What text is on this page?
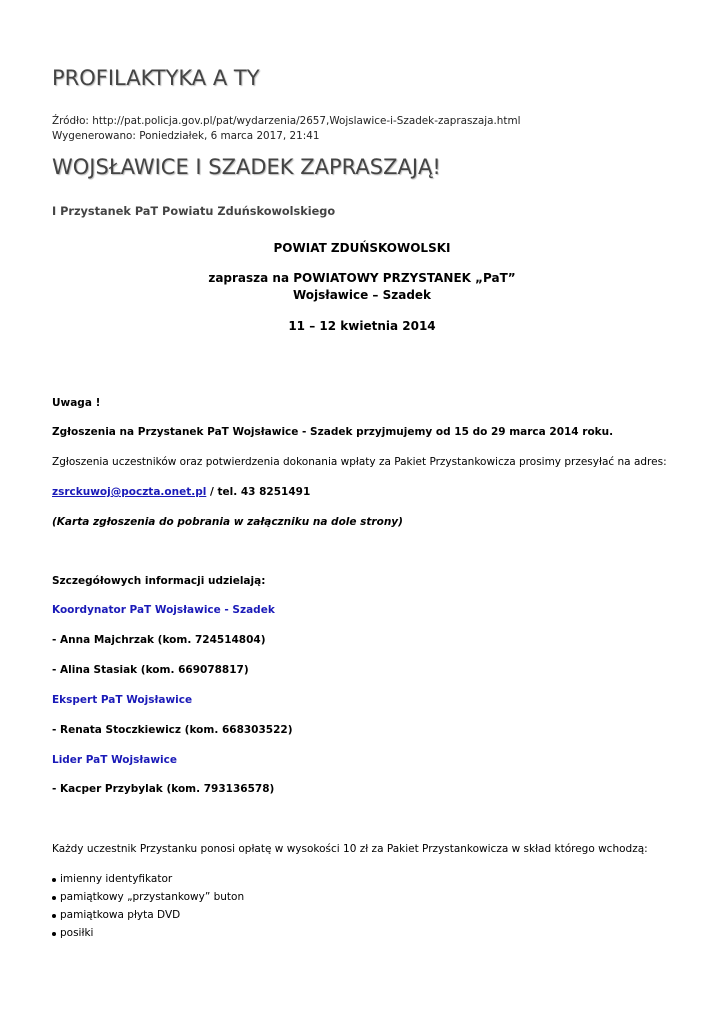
PROFILAKTYKA A TY
Źródło: http://pat.policja.gov.pl/pat/wydarzenia/2657,Wojslawice-i-Szadek-zapraszaja.html
Wygenerowano: Poniedziałek, 6 marca 2017, 21:41
WOJSŁAWICE I SZADEK ZAPRASZAJĄ!
I Przystanek PaT Powiatu Zduńskowolskiego
POWIAT ZDUŃSKOWOLSKI
zaprasza na POWIATOWY PRZYSTANEK „PaT”
Wojsławice – Szadek
11 – 12 kwietnia 2014
Uwaga !
Zgłoszenia na Przystanek PaT Wojsławice - Szadek przyjmujemy od 15 do 29 marca 2014 roku.
Zgłoszenia uczestników oraz potwierdzenia dokonania wpłaty za Pakiet Przystankowicza prosimy przesyłać na adres:
zsrckuwoj@poczta.onet.pl / tel. 43 8251491
(Karta zgłoszenia do pobrania w załączniku na dole strony)
Szczegółowych informacji udzielają:
Koordynator PaT Wojsławice - Szadek
- Anna Majchrzak (kom. 724514804)
- Alina Stasiak (kom. 669078817)
Ekspert PaT Wojsławice
- Renata Stoczkiewicz (kom. 668303522)
Lider PaT Wojsławice
- Kacper Przybylak (kom. 793136578)
Każdy uczestnik Przystanku ponosi opłatę w wysokości 10 zł za Pakiet Przystankowicza w skład którego wchodzą:
imienny identyfikator
pamiątkowy „przystankowy” buton
pamiątkowa płyta DVD
posiłki
